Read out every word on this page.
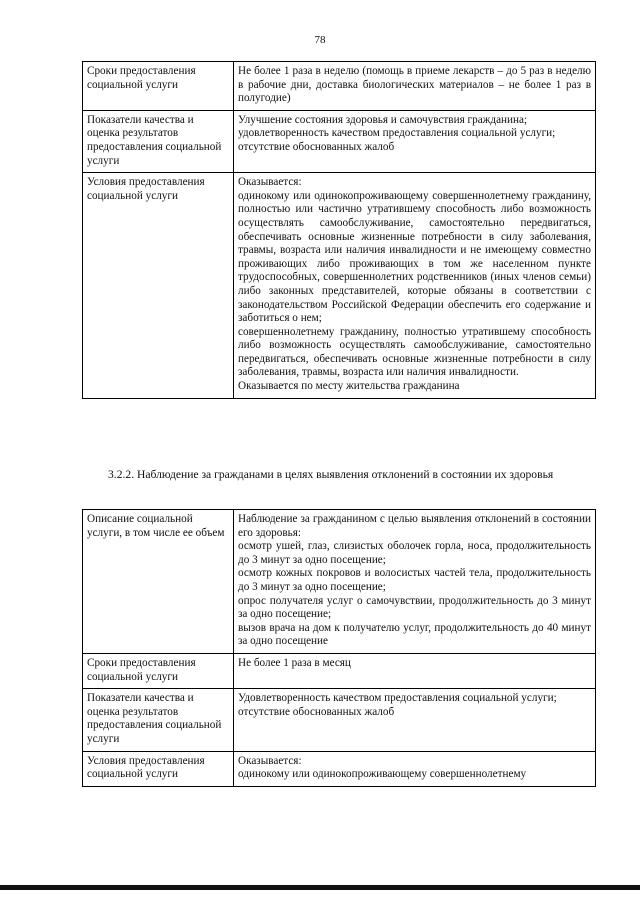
78
Сроки предоставления социальной услуги	Не более 1 раза в неделю (помощь в приеме лекарств – до 5 раз в неделю в рабочие дни, доставка биологических материалов – не более 1 раз в полугодие)

Показатели качества и оценка результатов предоставления социальной услуги	Улучшение состояния здоровья и самочувствия гражданина;
удовлетворенность качеством предоставления социальной услуги;
отсутствие обоснованных жалоб

Условия предоставления социальной услуги	Оказывается:
одинокому или одинокопроживающему совершеннолетнему гражданину, полностью или частично утратившему способность либо возможность осуществлять самообслуживание, самостоятельно передвигаться, обеспечивать основные жизненные потребности в силу заболевания, травмы, возраста или наличия инвалидности и не имеющему совместно проживающих либо проживающих в том же населенном пункте трудоспособных, совершеннолетних родственников (иных членов семьи) либо законных представителей, которые обязаны в соответствии с законодательством Российской Федерации обеспечить его содержание и заботиться о нем;
совершеннолетнему гражданину, полностью утратившему способность либо возможность осуществлять самообслуживание, самостоятельно передвигаться, обеспечивать основные жизненные потребности в силу заболевания, травмы, возраста или наличия инвалидности.
Оказывается по месту жительства гражданина
3.2.2. Наблюдение за гражданами в целях выявления отклонений в состоянии их здоровья
Описание социальной услуги, в том числе ее объем	Наблюдение за гражданином с целью выявления отклонений в состоянии его здоровья:
осмотр ушей, глаз, слизистых оболочек горла, носа, продолжительность до 3 минут за одно посещение;
осмотр кожных покровов и волосистых частей тела, продолжительность до 3 минут за одно посещение;
опрос получателя услуг о самочувствии, продолжительность до 3 минут за одно посещение;
вызов врача на дом к получателю услуг, продолжительность до 40 минут за одно посещение

Сроки предоставления социальной услуги	Не более 1 раза в месяц

Показатели качества и оценка результатов предоставления социальной услуги	Удовлетворенность качеством предоставления социальной услуги;
отсутствие обоснованных жалоб

Условия предоставления социальной услуги	Оказывается:
одинокому или одинокопроживающему совершеннолетнему
